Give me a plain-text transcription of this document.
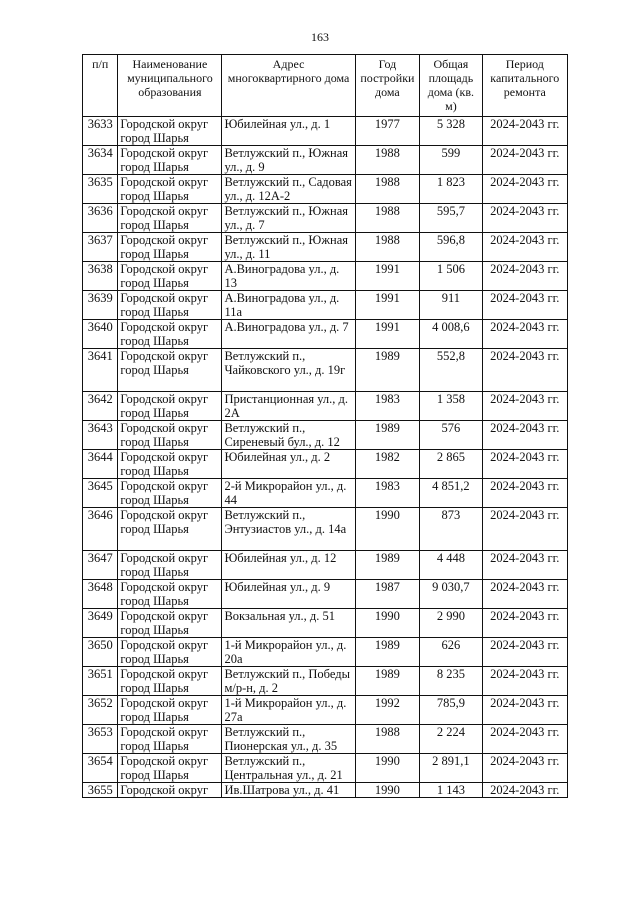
163
п/п	Наименование муниципального образования	Адрес многоквартирного дома	Год постройки дома	Общая площадь дома (кв. м)	Период капитального ремонта
3633	Городской округ город Шарья	Юбилейная ул., д. 1	1977	5 328	2024-2043 гг.
3634	Городской округ город Шарья	Ветлужский п., Южная ул., д. 9	1988	599	2024-2043 гг.
3635	Городской округ город Шарья	Ветлужский п., Садовая ул., д. 12А-2	1988	1 823	2024-2043 гг.
3636	Городской округ город Шарья	Ветлужский п., Южная ул., д. 7	1988	595,7	2024-2043 гг.
3637	Городской округ город Шарья	Ветлужский п., Южная ул., д. 11	1988	596,8	2024-2043 гг.
3638	Городской округ город Шарья	А.Виноградова ул., д. 13	1991	1 506	2024-2043 гг.
3639	Городской округ город Шарья	А.Виноградова ул., д. 11а	1991	911	2024-2043 гг.
3640	Городской округ город Шарья	А.Виноградова ул., д. 7	1991	4 008,6	2024-2043 гг.
3641	Городской округ город Шарья	Ветлужский п., Чайковского ул., д. 19г	1989	552,8	2024-2043 гг.
3642	Городской округ город Шарья	Пристанционная ул., д. 2А	1983	1 358	2024-2043 гг.
3643	Городской округ город Шарья	Ветлужский п., Сиреневый бул., д. 12	1989	576	2024-2043 гг.
3644	Городской округ город Шарья	Юбилейная ул., д. 2	1982	2 865	2024-2043 гг.
3645	Городской округ город Шарья	2-й Микрорайон ул., д. 44	1983	4 851,2	2024-2043 гг.
3646	Городской округ город Шарья	Ветлужский п., Энтузиастов ул., д. 14а	1990	873	2024-2043 гг.
3647	Городской округ город Шарья	Юбилейная ул., д. 12	1989	4 448	2024-2043 гг.
3648	Городской округ город Шарья	Юбилейная ул., д. 9	1987	9 030,7	2024-2043 гг.
3649	Городской округ город Шарья	Вокзальная ул., д. 51	1990	2 990	2024-2043 гг.
3650	Городской округ город Шарья	1-й Микрорайон ул., д. 20а	1989	626	2024-2043 гг.
3651	Городской округ город Шарья	Ветлужский п., Победы м/р-н, д. 2	1989	8 235	2024-2043 гг.
3652	Городской округ город Шарья	1-й Микрорайон ул., д. 27а	1992	785,9	2024-2043 гг.
3653	Городской округ город Шарья	Ветлужский п., Пионерская ул., д. 35	1988	2 224	2024-2043 гг.
3654	Городской округ город Шарья	Ветлужский п., Центральная ул., д. 21	1990	2 891,1	2024-2043 гг.
3655	Городской округ	Ив.Шатрова ул., д. 41	1990	1 143	2024-2043 гг.
